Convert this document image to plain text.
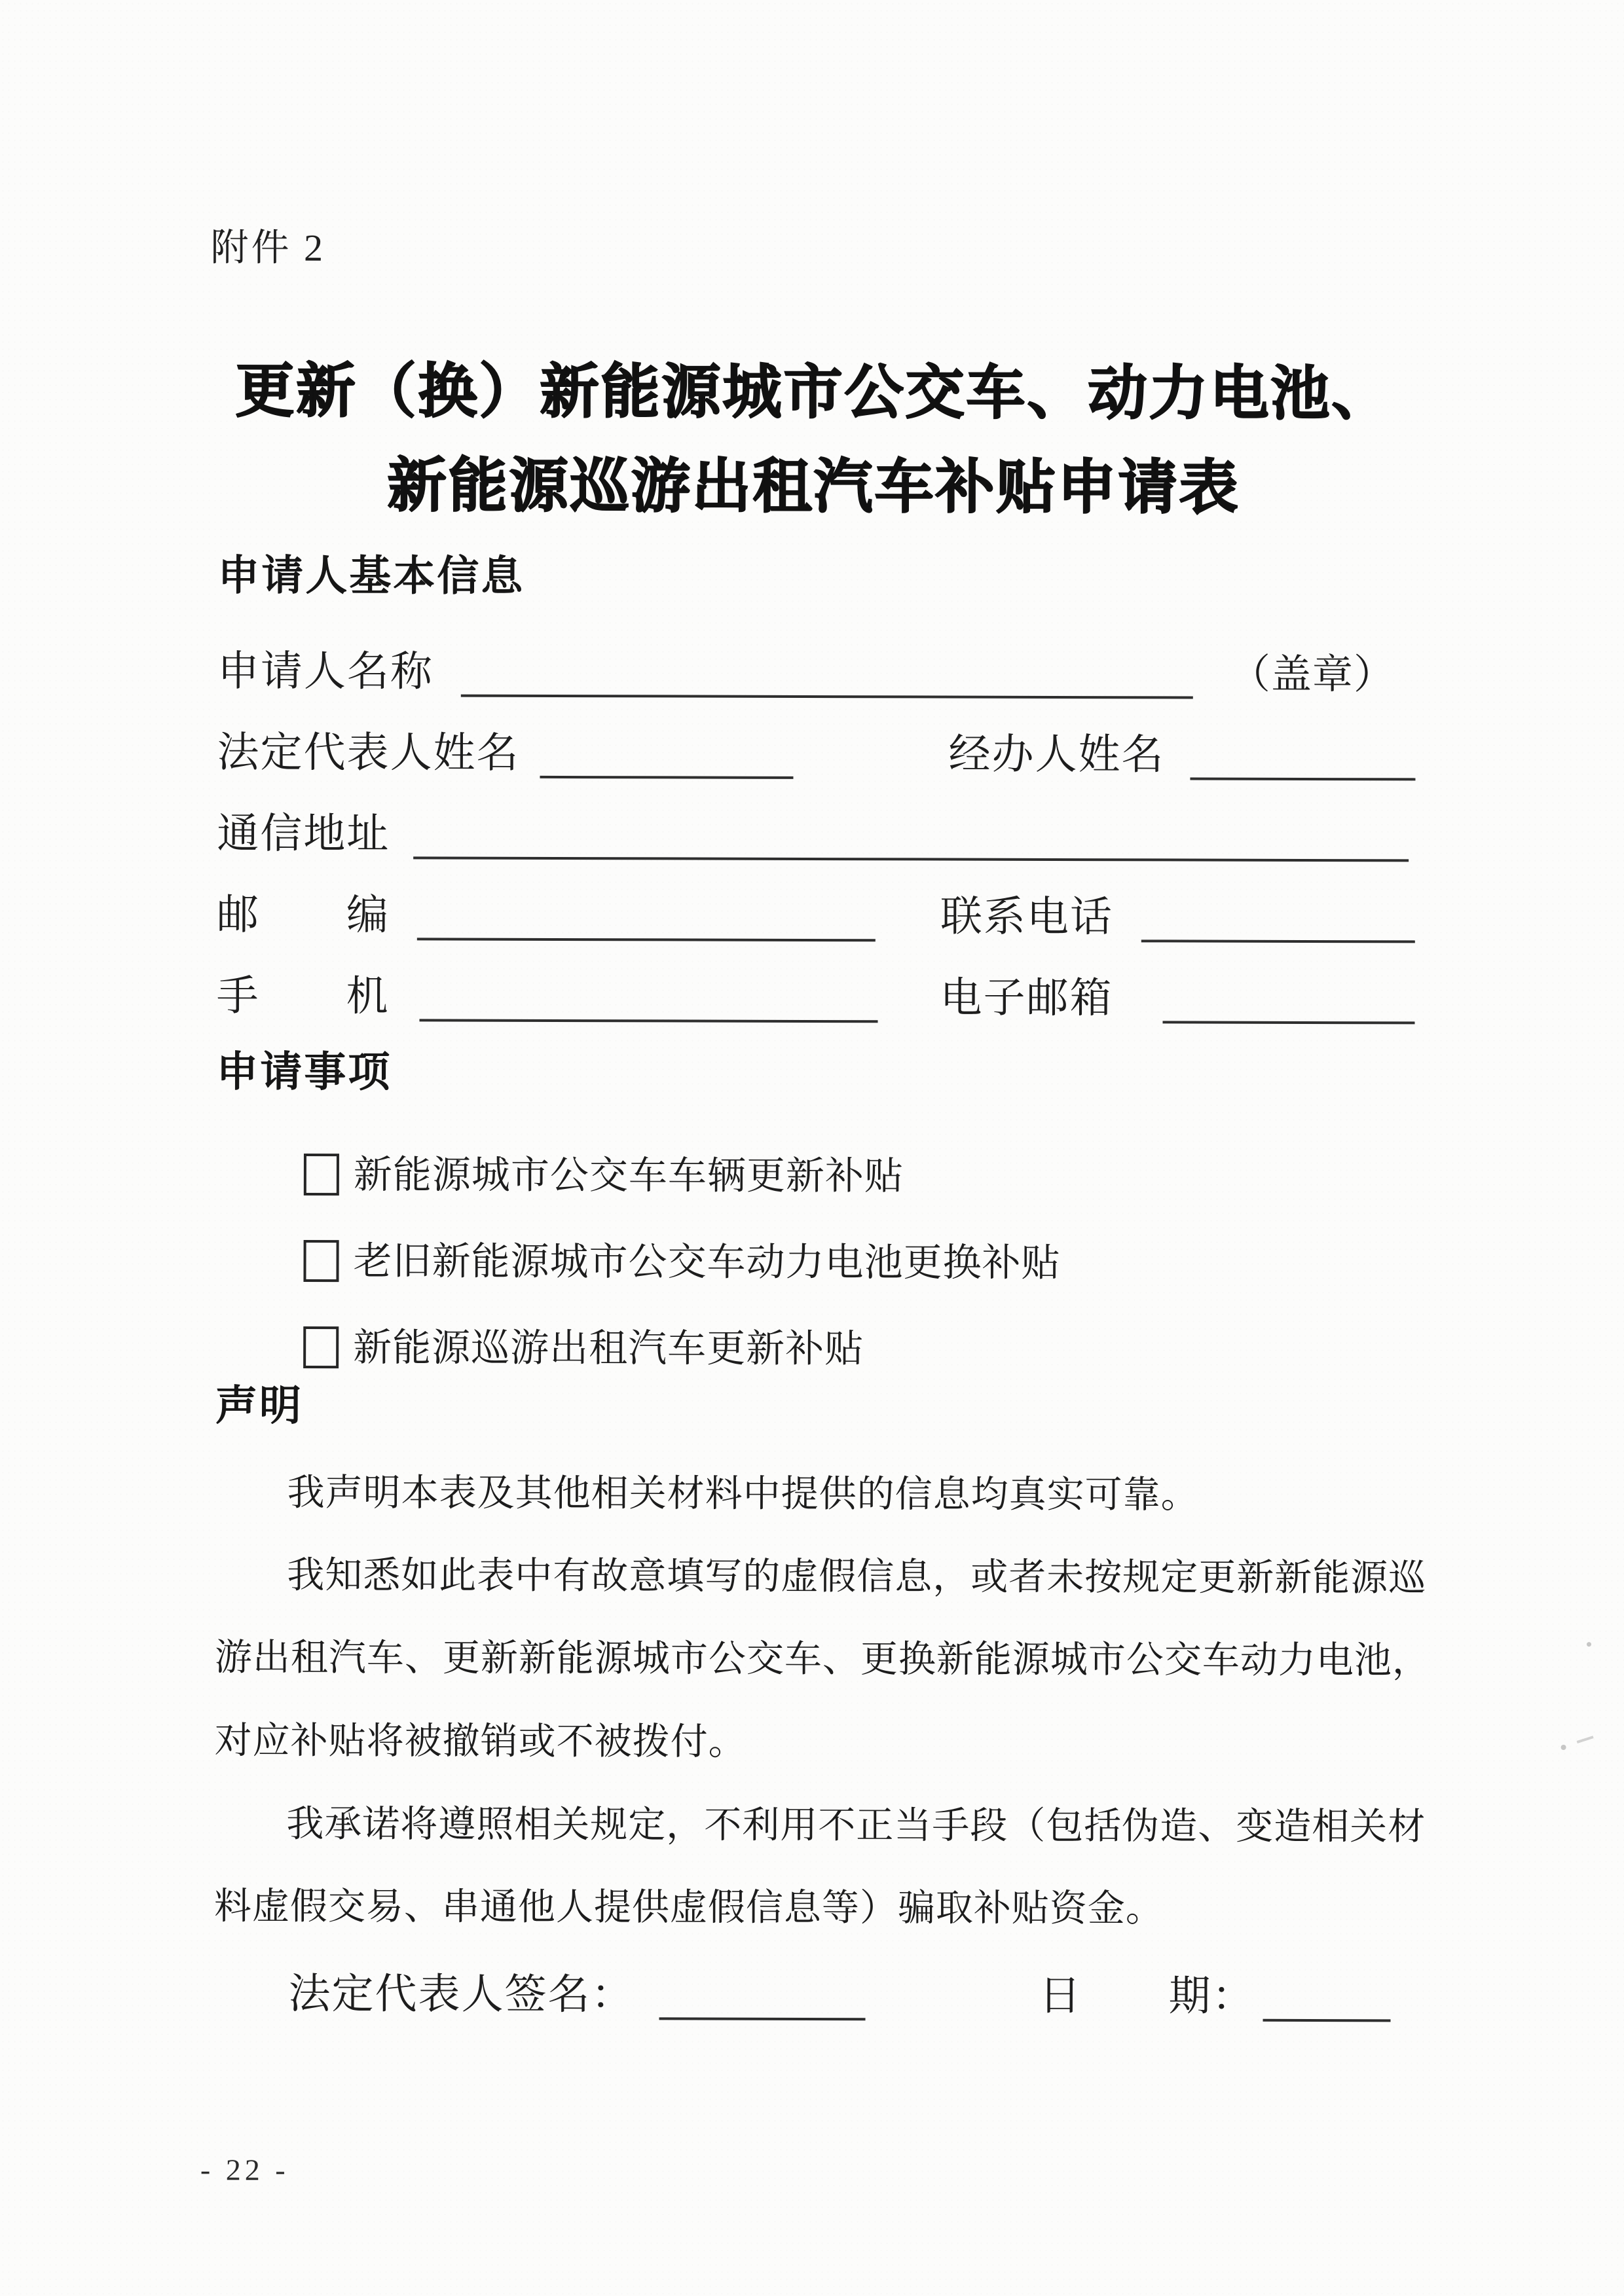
附件 2
更新（换）新能源城市公交车、动力电池、
新能源巡游出租汽车补贴申请表
申请人基本信息
申请人名称	（盖章）
法定代表人姓名	经办人姓名
通信地址
邮　　编	联系电话
手　　机	电子邮箱
申请事项
新能源城市公交车车辆更新补贴
老旧新能源城市公交车动力电池更换补贴
新能源巡游出租汽车更新补贴
声明
我声明本表及其他相关材料中提供的信息均真实可靠。
我知悉如此表中有故意填写的虚假信息，或者未按规定更新新能源巡
游出租汽车、更新新能源城市公交车、更换新能源城市公交车动力电池，
对应补贴将被撤销或不被拨付。
我承诺将遵照相关规定，不利用不正当手段（包括伪造、变造相关材
料虚假交易、串通他人提供虚假信息等）骗取补贴资金。
法定代表人签名：	日　　期：
- 22 -
